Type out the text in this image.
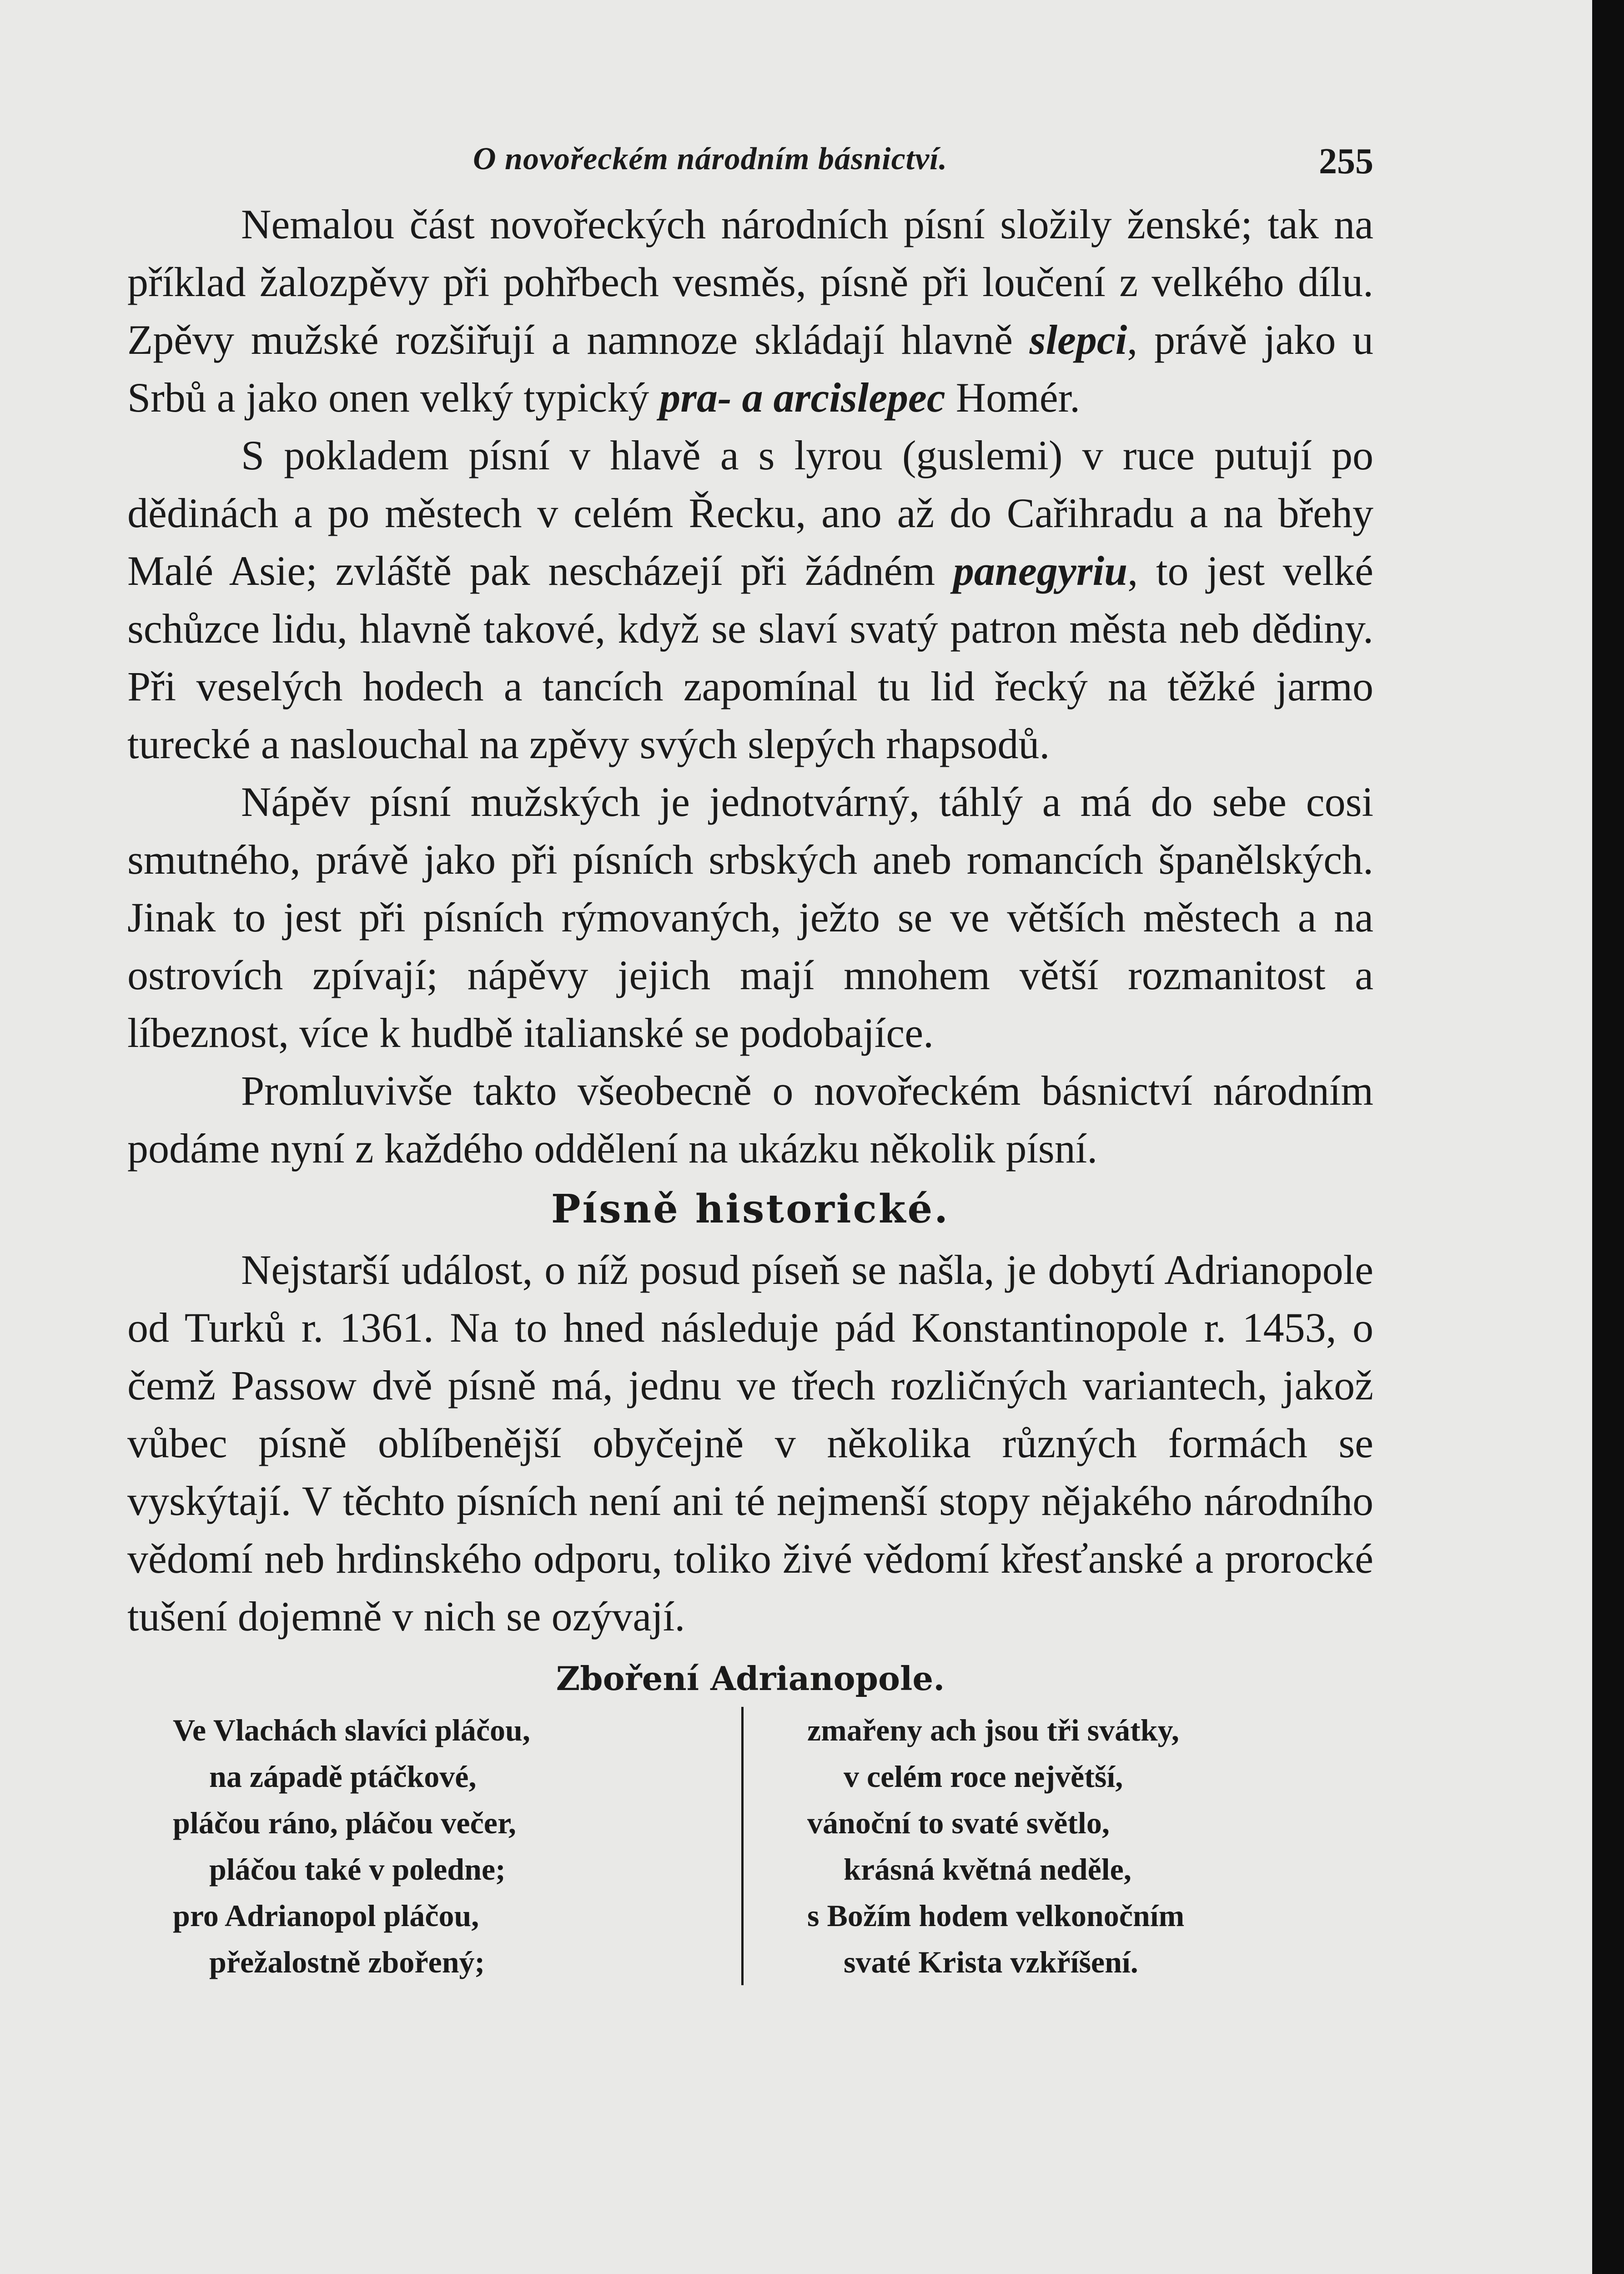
O novořeckém národním básnictví.	255

Nemalou část novořeckých národních písní složily ženské; tak na příklad žalozpěvy při pohřbech vesměs, písně při loučení z velkého dílu. Zpěvy mužské rozšiřují a namnoze skládají hlavně slepci, právě jako u Srbů a jako onen velký typický pra- a arcislepec Homér.

S pokladem písní v hlavě a s lyrou (guslemi) v ruce putují po dědinách a po městech v celém Řecku, ano až do Cařihradu a na břehy Malé Asie; zvláště pak nescházejí při žádném panegyriu, to jest velké schůzce lidu, hlavně takové, když se slaví svatý patron města neb dědiny. Při veselých hodech a tancích zapomínal tu lid řecký na těžké jarmo turecké a naslouchal na zpěvy svých slepých rhapsodů.

Nápěv písní mužských je jednotvárný, táhlý a má do sebe cosi smutného, právě jako při písních srbských aneb romancích španělských. Jinak to jest při písních rýmovaných, ježto se ve větších městech a na ostrovích zpívají; nápěvy jejich mají mnohem větší rozmanitost a líbeznost, více k hudbě italianské se podobajíce.

Promluvivše takto všeobecně o novořeckém básnictví národním podáme nyní z každého oddělení na ukázku několik písní.

Písně historické.

Nejstarší událost, o níž posud píseň se našla, je dobytí Adrianopole od Turků r. 1361. Na to hned následuje pád Konstantinopole r. 1453, o čemž Passow dvě písně má, jednu ve třech rozličných variantech, jakož vůbec písně oblíbenější obyčejně v několika různých formách se vyskýtají. V těchto písních není ani té nejmenší stopy nějakého národního vědomí neb hrdinského odporu, toliko živé vědomí křesťanské a prorocké tušení dojemně v nich se ozývají.

Zboření Adrianopole.
Ve Vlachách slavíci pláčou,
na západě ptáčkové,
pláčou ráno, pláčou večer,
pláčou také v poledne;
pro Adrianopol pláčou,
přežalostně zbořený;
zmařeny ach jsou tři svátky,
v celém roce největší,
vánoční to svaté světlo,
krásná květná neděle,
s Božím hodem velkonočním
svaté Krista vzkříšení.
